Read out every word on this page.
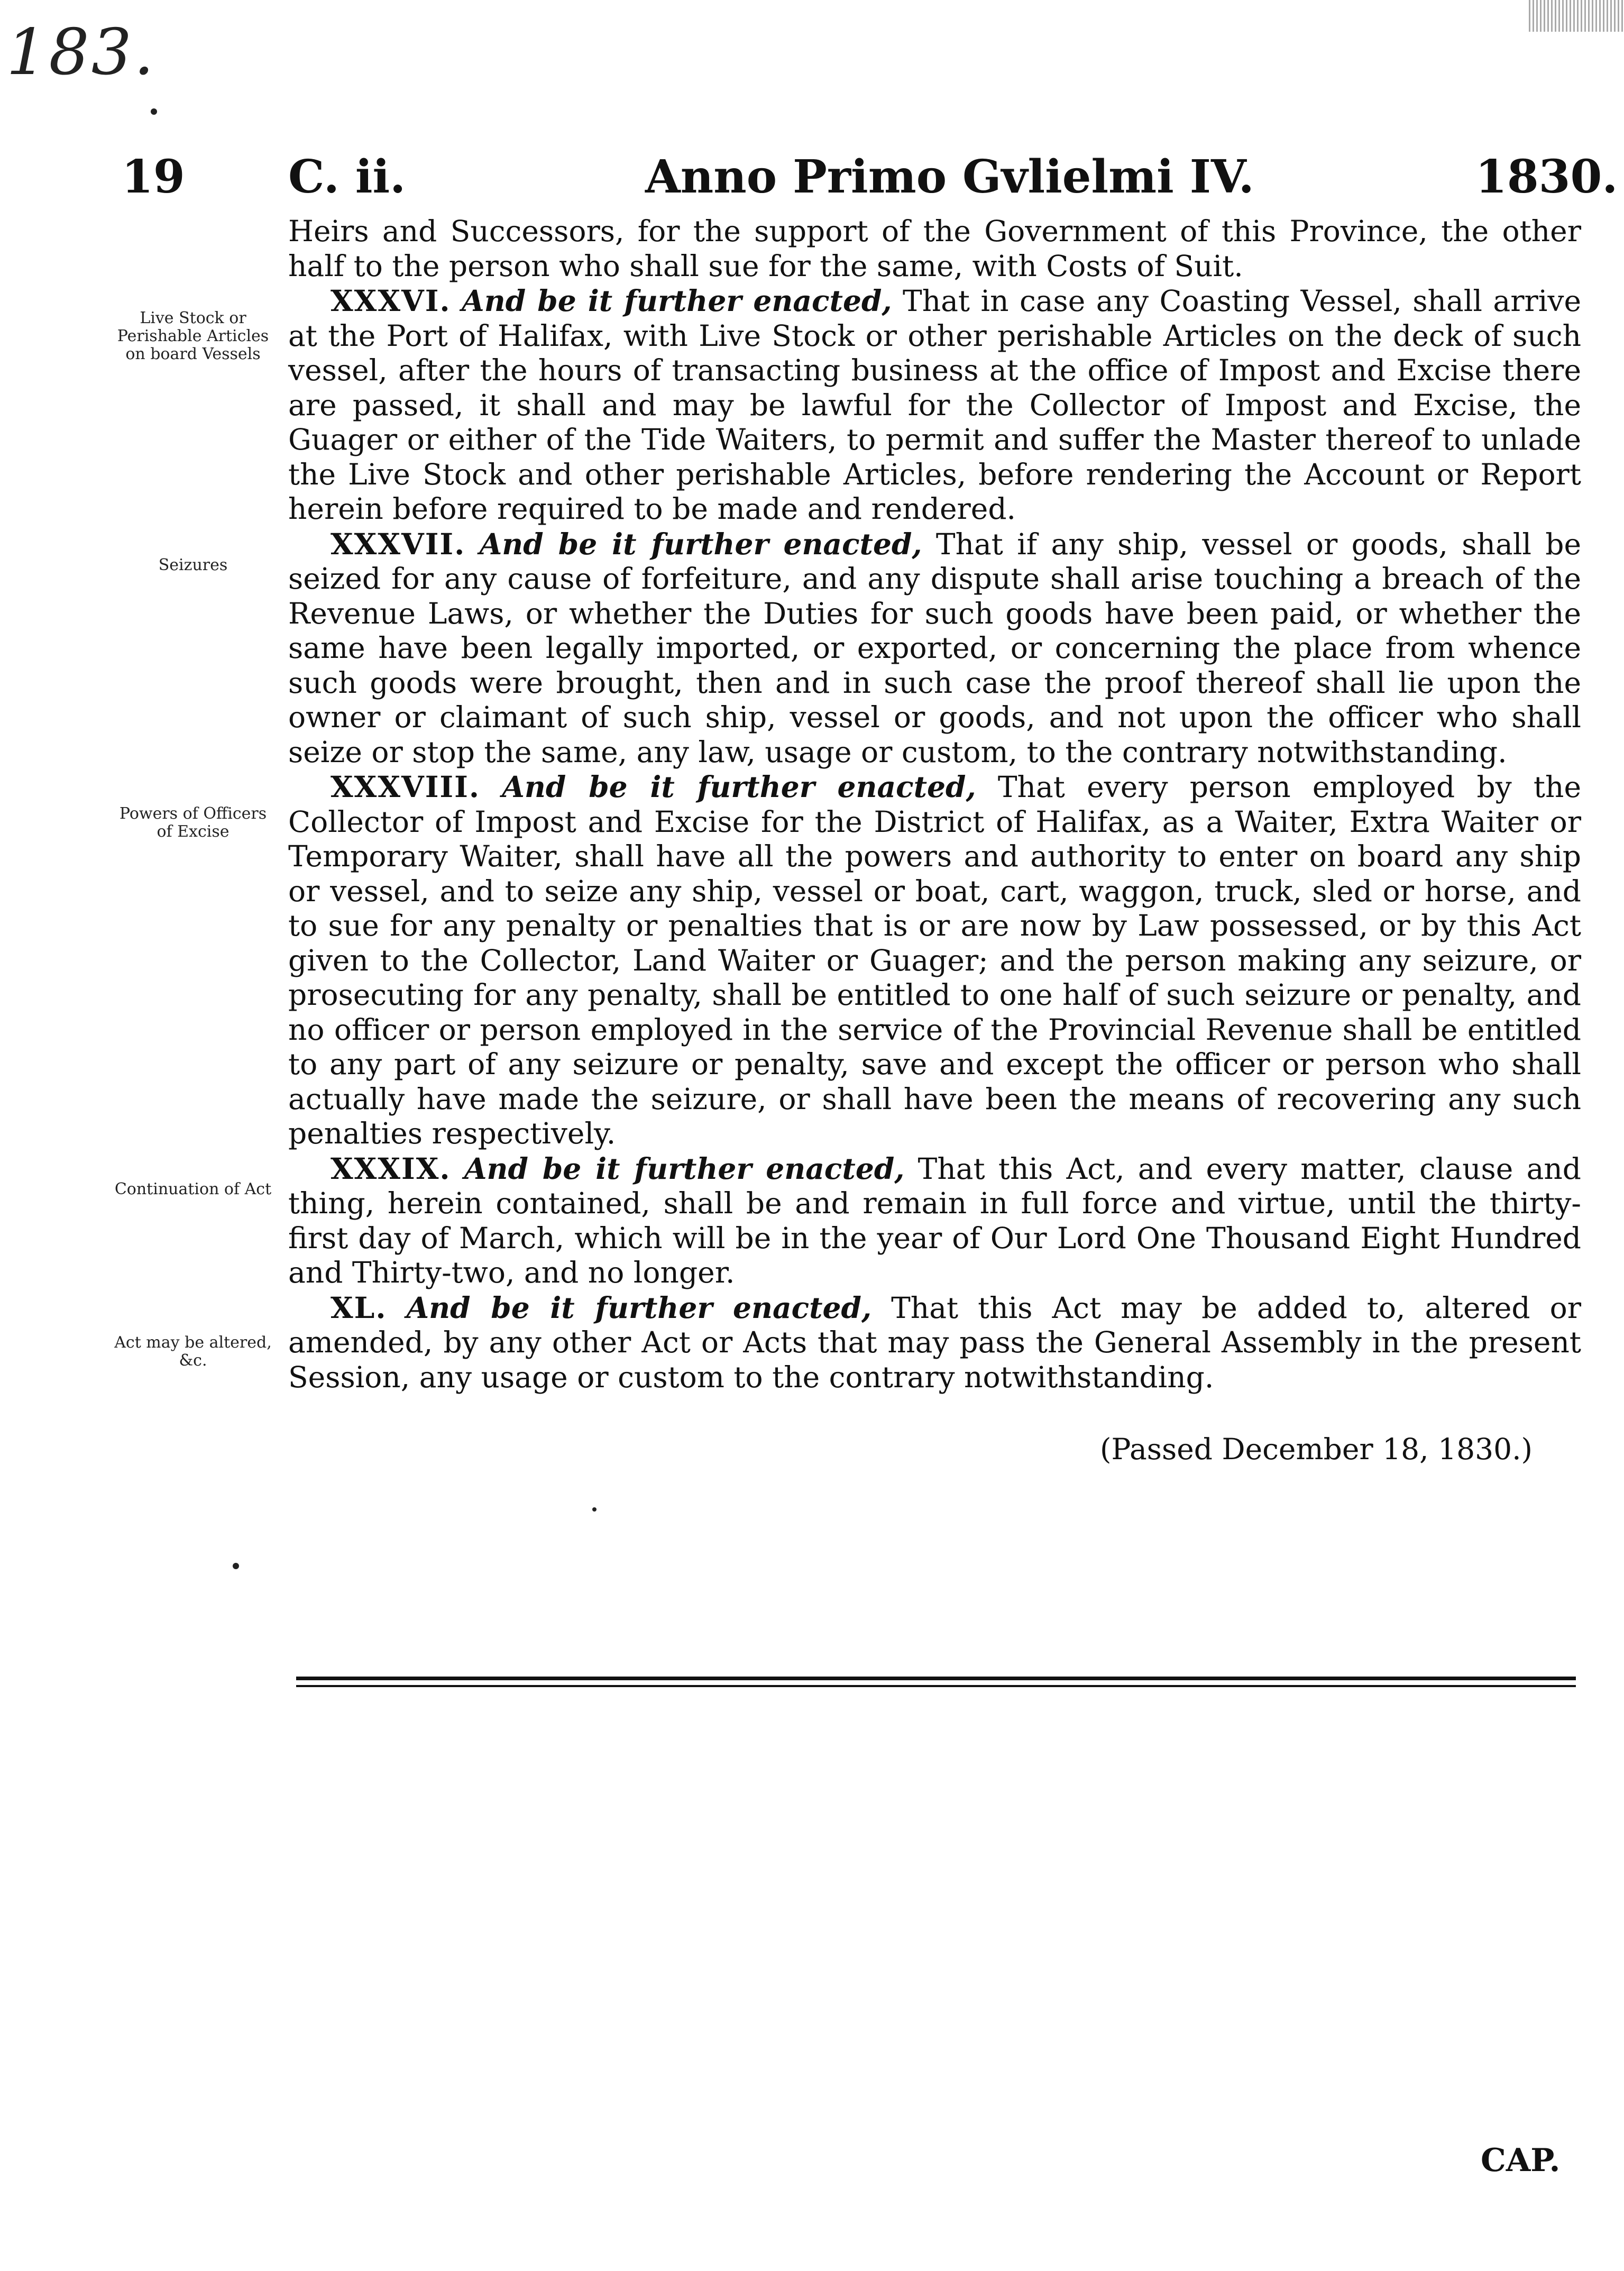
183.
19 C. ii.	Anno Primo Gvlielmi IV.	1830.
Live Stock or Perishable Articles on board Vessels
Seizures
Powers of Officers of Excise
Continuation of Act
Act may be altered, &c.

Heirs and Successors, for the support of the Government of this Province, the other half to the person who shall sue for the same, with Costs of Suit.

XXXVI. And be it further enacted, That in case any Coasting Vessel, shall arrive at the Port of Halifax, with Live Stock or other perishable Articles on the deck of such vessel, after the hours of transacting business at the office of Impost and Excise there are passed, it shall and may be lawful for the Collector of Impost and Excise, the Guager or either of the Tide Waiters, to permit and suffer the Master thereof to unlade the Live Stock and other perishable Articles, before rendering the Account or Report herein before required to be made and rendered.

XXXVII. And be it further enacted, That if any ship, vessel or goods, shall be seized for any cause of forfeiture, and any dispute shall arise touching a breach of the Revenue Laws, or whether the Duties for such goods have been paid, or whether the same have been legally imported, or exported, or concerning the place from whence such goods were brought, then and in such case the proof thereof shall lie upon the owner or claimant of such ship, vessel or goods, and not upon the officer who shall seize or stop the same, any law, usage or custom, to the contrary notwithstanding.

XXXVIII. And be it further enacted, That every person employed by the Collector of Impost and Excise for the District of Halifax, as a Waiter, Extra Waiter or Temporary Waiter, shall have all the powers and authority to enter on board any ship or vessel, and to seize any ship, vessel or boat, cart, waggon, truck, sled or horse, and to sue for any penalty or penalties that is or are now by Law possessed, or by this Act given to the Collector, Land Waiter or Guager; and the person making any seizure, or prosecuting for any penalty, shall be entitled to one half of such seizure or penalty, and no officer or person employed in the service of the Provincial Revenue shall be entitled to any part of any seizure or penalty, save and except the officer or person who shall actually have made the seizure, or shall have been the means of recovering any such penalties respectively.

XXXIX. And be it further enacted, That this Act, and every matter, clause and thing, herein contained, shall be and remain in full force and virtue, until the thirty-first day of March, which will be in the year of Our Lord One Thousand Eight Hundred and Thirty-two, and no longer.

XL. And be it further enacted, That this Act may be added to, altered or amended, by any other Act or Acts that may pass the General Assembly in the present Session, any usage or custom to the contrary notwithstanding.

(Passed December 18, 1830.)
CAP.
